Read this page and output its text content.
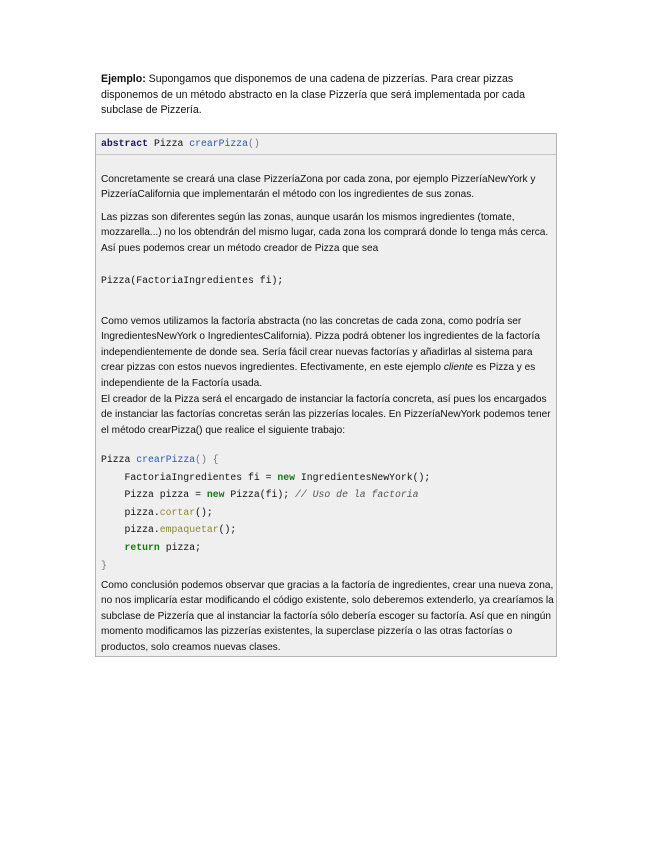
Ejemplo: Supongamos que disponemos de una cadena de pizzerías. Para crear pizzas disponemos de un método abstracto en la clase Pizzería que será implementada por cada subclase de Pizzería.
abstract Pizza crearPizza()
Concretamente se creará una clase PizzeríaZona por cada zona, por ejemplo PizzeríaNewYork y PizzeríaCalifornia que implementarán el método con los ingredientes de sus zonas.
Las pizzas son diferentes según las zonas, aunque usarán los mismos ingredientes (tomate, mozzarella...) no los obtendrán del mismo lugar, cada zona los comprará donde lo tenga más cerca. Así pues podemos crear un método creador de Pizza que sea
Pizza(FactoriaIngredientes fi);
Como vemos utilizamos la factoría abstracta (no las concretas de cada zona, como podría ser IngredientesNewYork o IngredientesCalifornia). Pizza podrá obtener los ingredientes de la factoría independientemente de donde sea. Sería fácil crear nuevas factorías y añadirlas al sistema para crear pizzas con estos nuevos ingredientes. Efectivamente, en este ejemplo cliente es Pizza y es independiente de la Factoría usada.
El creador de la Pizza será el encargado de instanciar la factoría concreta, así pues los encargados de instanciar las factorías concretas serán las pizzerías locales. En PizzeríaNewYork podemos tener el método crearPizza() que realice el siguiente trabajo:
Pizza crearPizza() {
FactoriaIngredientes fi = new IngredientesNewYork();
Pizza pizza = new Pizza(fi); // Uso de la factoria
pizza.cortar();
pizza.empaquetar();
return pizza;
}
Como conclusión podemos observar que gracias a la factoría de ingredientes, crear una nueva zona, no nos implicaría estar modificando el código existente, solo deberemos extenderlo, ya crearíamos la subclase de Pizzería que al instanciar la factoría sólo debería escoger su factoría. Así que en ningún momento modificamos las pizzerías existentes, la superclase pizzería o las otras factorías o productos, solo creamos nuevas clases.
